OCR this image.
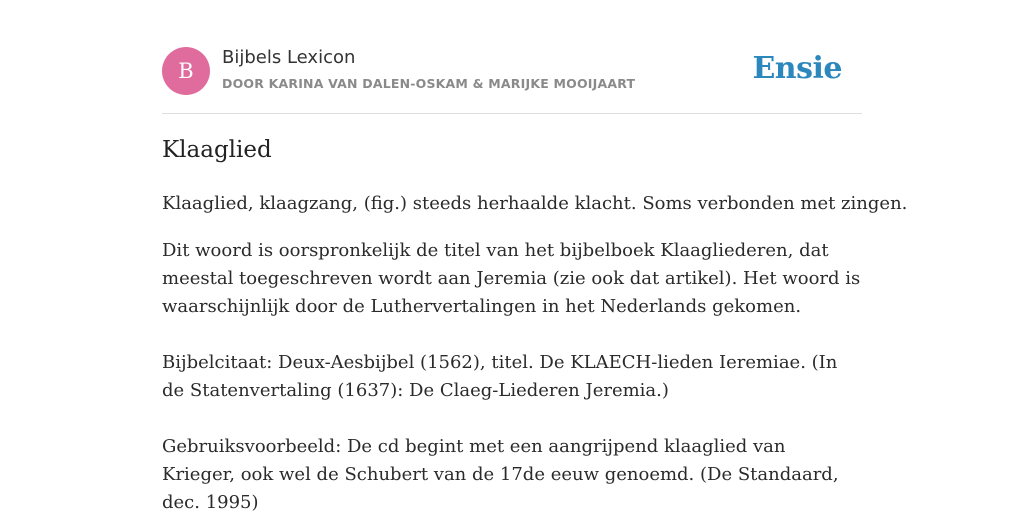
B
Bijbels Lexicon
DOOR KARINA VAN DALEN-OSKAM & MARIJKE MOOIJAART	Ensie
Klaaglied

Klaaglied, klaagzang, (fig.) steeds herhaalde klacht. Soms verbonden met zingen.

Dit woord is oorspronkelijk de titel van het bijbelboek Klaagliederen, dat meestal toegeschreven wordt aan Jeremia (zie ook dat artikel). Het woord is waarschijnlijk door de Luthervertalingen in het Nederlands gekomen.

Bijbelcitaat: Deux-Aesbijbel (1562), titel. De KLAECH-lieden Ieremiae. (In de Statenvertaling (1637): De Claeg-Liederen Jeremia.)

Gebruiksvoorbeeld: De cd begint met een aangrijpend klaaglied van Krieger, ook wel de Schubert van de 17de eeuw genoemd. (De Standaard, dec. 1995)
